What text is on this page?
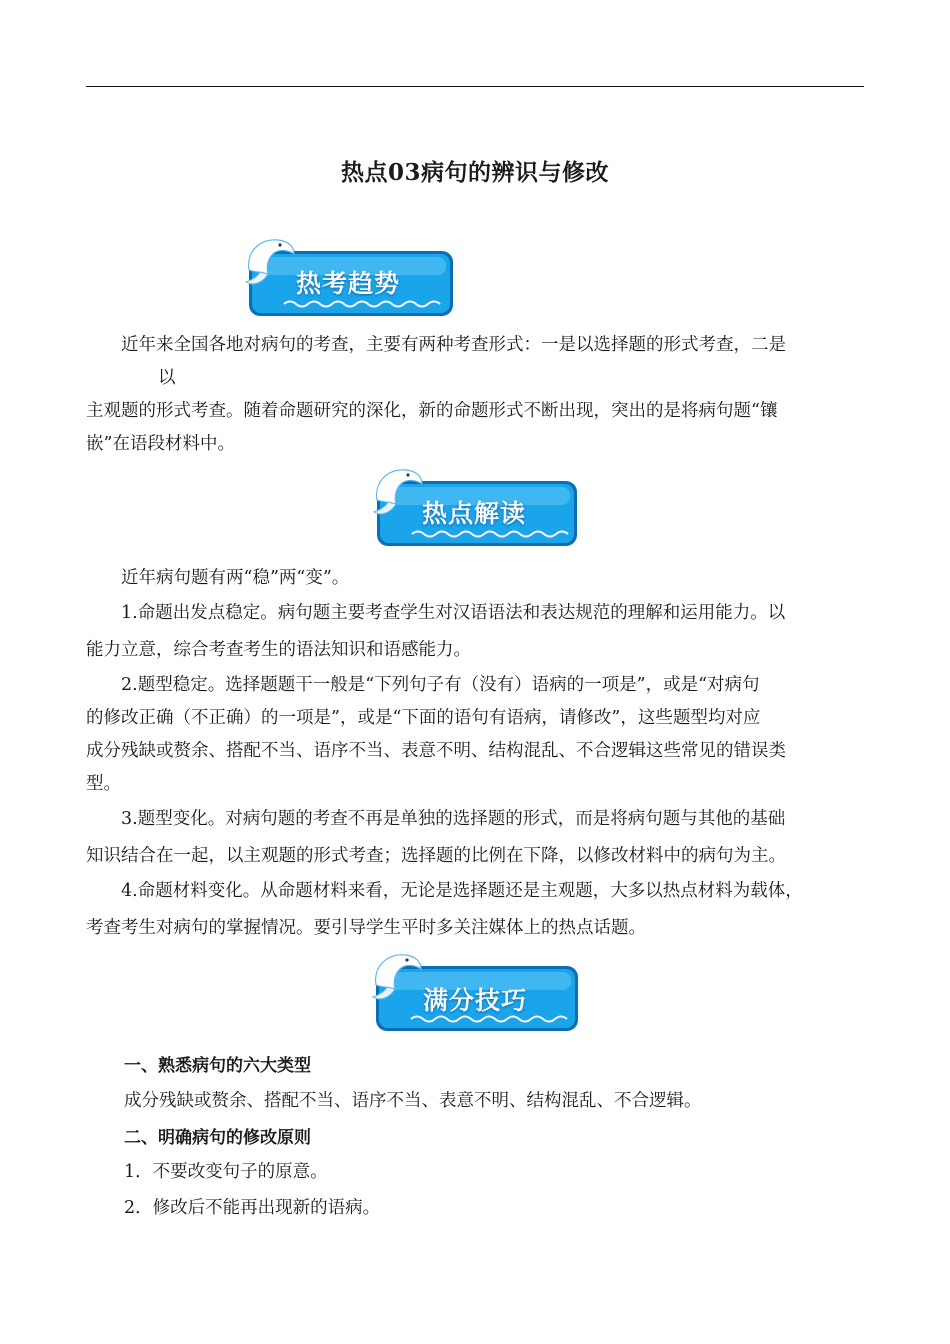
热点03病句的辨识与修改
热考趋势
近年来全国各地对病句的考查，主要有两种考查形式：一是以选择题的形式考查，二是
以
主观题的形式考查。随着命题研究的深化，新的命题形式不断出现，突出的是将病句题“镶
嵌”在语段材料中。
热点解读
近年病句题有两“稳”两“变”。
1.命题出发点稳定。病句题主要考查学生对汉语语法和表达规范的理解和运用能力。以
能力立意，综合考查考生的语法知识和语感能力。
2.题型稳定。选择题题干一般是“下列句子有（没有）语病的一项是”，或是“对病句
的修改正确（不正确）的一项是”，或是“下面的语句有语病，请修改”，这些题型均对应
成分残缺或赘余、搭配不当、语序不当、表意不明、结构混乱、不合逻辑这些常见的错误类
型。
3.题型变化。对病句题的考查不再是单独的选择题的形式，而是将病句题与其他的基础
知识结合在一起，以主观题的形式考查；选择题的比例在下降，以修改材料中的病句为主。
4.命题材料变化。从命题材料来看，无论是选择题还是主观题，大多以热点材料为载体，
考查考生对病句的掌握情况。要引导学生平时多关注媒体上的热点话题。
满分技巧
一、熟悉病句的六大类型
成分残缺或赘余、搭配不当、语序不当、表意不明、结构混乱、不合逻辑。
二、明确病句的修改原则
1．不要改变句子的原意。
2．修改后不能再出现新的语病。
